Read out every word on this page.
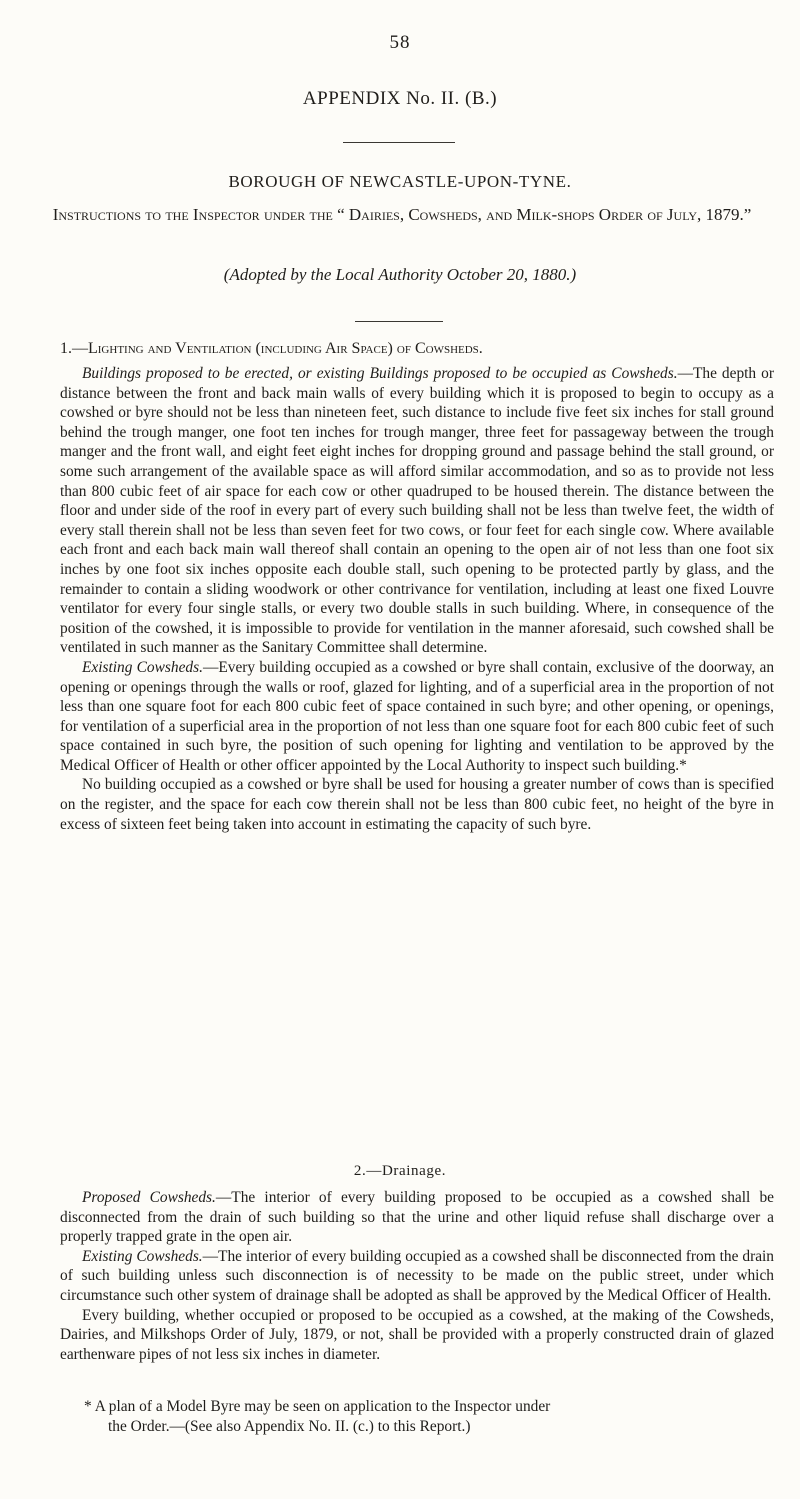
58
APPENDIX No. II. (B.)
BOROUGH OF NEWCASTLE-UPON-TYNE.
Instructions to the Inspector under the “ Dairies, Cowsheds, and Milk-shops Order of July, 1879.”
(Adopted by the Local Authority October 20, 1880.)
1.—Lighting and Ventilation (including Air Space) of Cowsheds.

Buildings proposed to be erected, or existing Buildings proposed to be occupied as Cowsheds.—The depth or distance between the front and back main walls of every building which it is proposed to begin to occupy as a cowshed or byre should not be less than nineteen feet, such distance to include five feet six inches for stall ground behind the trough manger, one foot ten inches for trough manger, three feet for passageway between the trough manger and the front wall, and eight feet eight inches for dropping ground and passage behind the stall ground, or some such arrangement of the available space as will afford similar accommodation, and so as to provide not less than 800 cubic feet of air space for each cow or other quadruped to be housed therein. The distance between the floor and under side of the roof in every part of every such building shall not be less than twelve feet, the width of every stall therein shall not be less than seven feet for two cows, or four feet for each single cow. Where available each front and each back main wall thereof shall contain an opening to the open air of not less than one foot six inches by one foot six inches opposite each double stall, such opening to be protected partly by glass, and the remainder to contain a sliding woodwork or other contrivance for ventilation, including at least one fixed Louvre ventilator for every four single stalls, or every two double stalls in such building. Where, in consequence of the position of the cowshed, it is impossible to provide for ventilation in the manner aforesaid, such cowshed shall be ventilated in such manner as the Sanitary Committee shall determine.

Existing Cowsheds.—Every building occupied as a cowshed or byre shall contain, exclusive of the doorway, an opening or openings through the walls or roof, glazed for lighting, and of a superficial area in the proportion of not less than one square foot for each 800 cubic feet of space contained in such byre; and other opening, or openings, for ventilation of a superficial area in the proportion of not less than one square foot for each 800 cubic feet of such space contained in such byre, the position of such opening for lighting and ventilation to be approved by the Medical Officer of Health or other officer appointed by the Local Authority to inspect such building.*

No building occupied as a cowshed or byre shall be used for housing a greater number of cows than is specified on the register, and the space for each cow therein shall not be less than 800 cubic feet, no height of the byre in excess of sixteen feet being taken into account in estimating the capacity of such byre.

2.—Drainage.

Proposed Cowsheds.—The interior of every building proposed to be occupied as a cowshed shall be disconnected from the drain of such building so that the urine and other liquid refuse shall discharge over a properly trapped grate in the open air.

Existing Cowsheds.—The interior of every building occupied as a cowshed shall be disconnected from the drain of such building unless such disconnection is of necessity to be made on the public street, under which circumstance such other system of drainage shall be adopted as shall be approved by the Medical Officer of Health.

Every building, whether occupied or proposed to be occupied as a cowshed, at the making of the Cowsheds, Dairies, and Milkshops Order of July, 1879, or not, shall be provided with a properly constructed drain of glazed earthenware pipes of not less six inches in diameter.

* A plan of a Model Byre may be seen on application to the Inspector under
the Order.—(See also Appendix No. II. (c.) to this Report.)
